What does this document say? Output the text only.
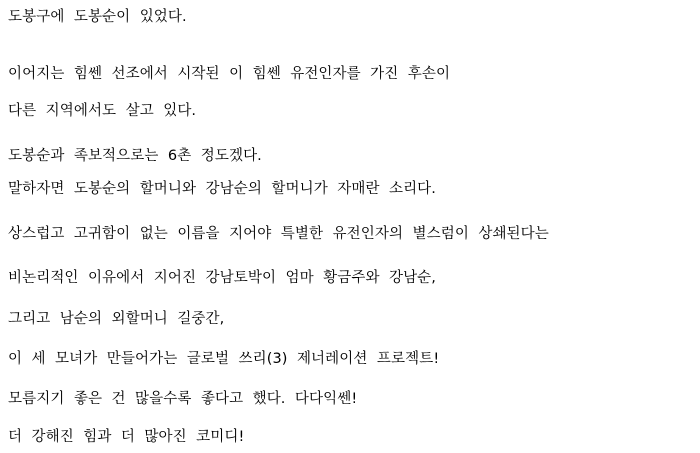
도봉구에  도봉순이  있었다.
이어지는  힘쎈  선조에서  시작된  이  힘쎈  유전인자를  가진  후손이
다른  지역에서도  살고  있다.
도봉순과  족보적으로는  6촌  정도겠다.
말하자면  도봉순의  할머니와  강남순의  할머니가  자매란  소리다.
상스럽고  고귀함이  없는  이름을  지어야  특별한  유전인자의  별스럼이  상쇄된다는
비논리적인  이유에서  지어진  강남토박이  엄마  황금주와  강남순,
그리고  남순의  외할머니  길중간,
이  세  모녀가  만들어가는  글로벌  쓰리(3)  제너레이션  프로젝트!
모름지기  좋은  건  많을수록  좋다고  했다.  다다익쎈!
더  강해진  힘과  더  많아진  코미디!
